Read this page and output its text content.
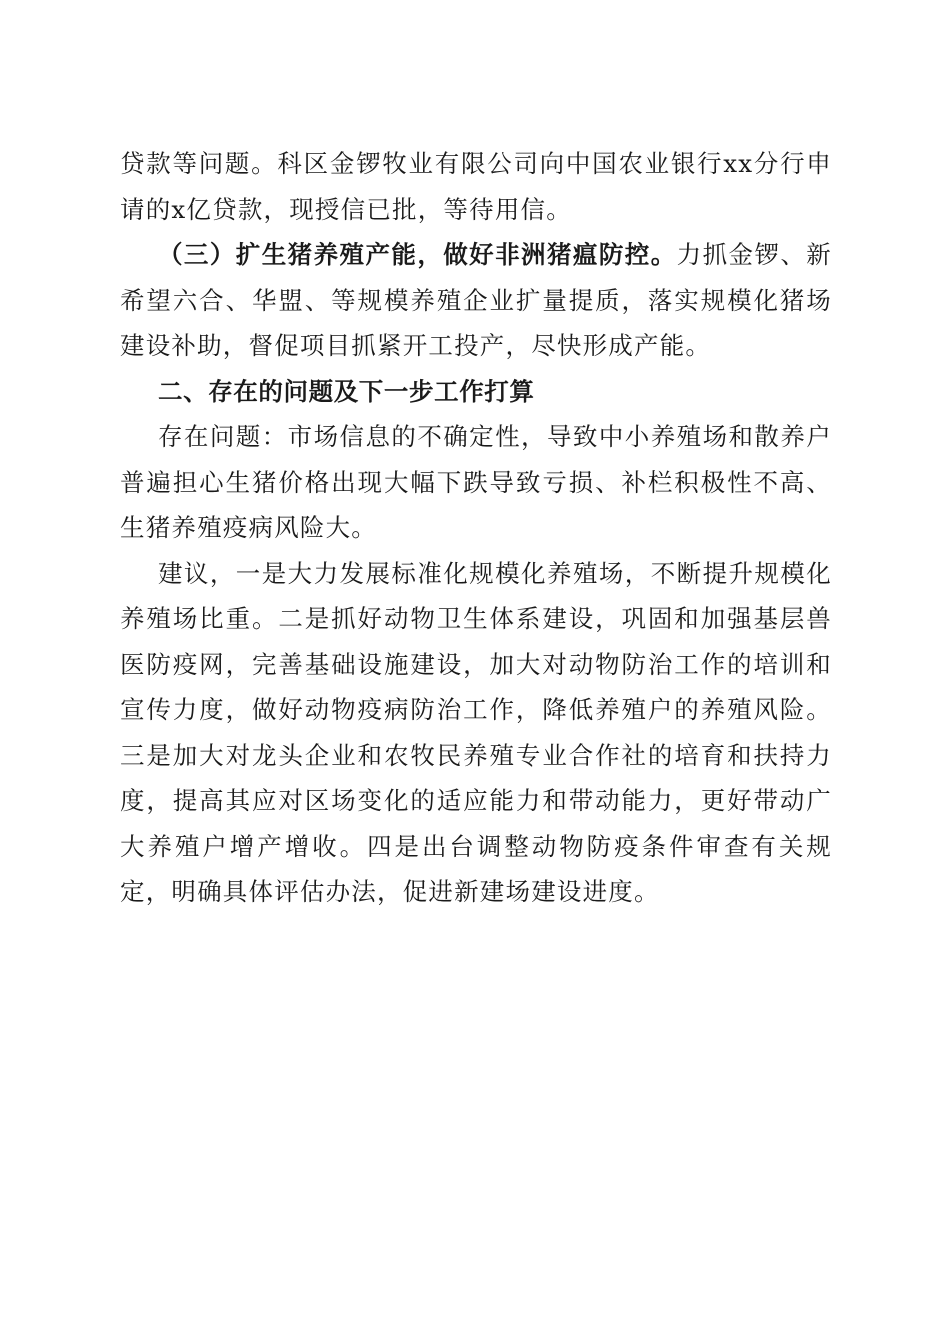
贷款等问题。科区金锣牧业有限公司向中国农业银行xx分行申请的x亿贷款，现授信已批，等待用信。

（三）扩生猪养殖产能，做好非洲猪瘟防控。力抓金锣、新希望六合、华盟、等规模养殖企业扩量提质，落实规模化猪场建设补助，督促项目抓紧开工投产，尽快形成产能。

二、存在的问题及下一步工作打算

存在问题：市场信息的不确定性，导致中小养殖场和散养户普遍担心生猪价格出现大幅下跌导致亏损、补栏积极性不高、生猪养殖疫病风险大。

建议，一是大力发展标准化规模化养殖场，不断提升规模化养殖场比重。二是抓好动物卫生体系建设，巩固和加强基层兽医防疫网，完善基础设施建设，加大对动物防治工作的培训和宣传力度，做好动物疫病防治工作，降低养殖户的养殖风险。三是加大对龙头企业和农牧民养殖专业合作社的培育和扶持力度，提高其应对区场变化的适应能力和带动能力，更好带动广大养殖户增产增收。四是出台调整动物防疫条件审查有关规定，明确具体评估办法，促进新建场建设进度。
